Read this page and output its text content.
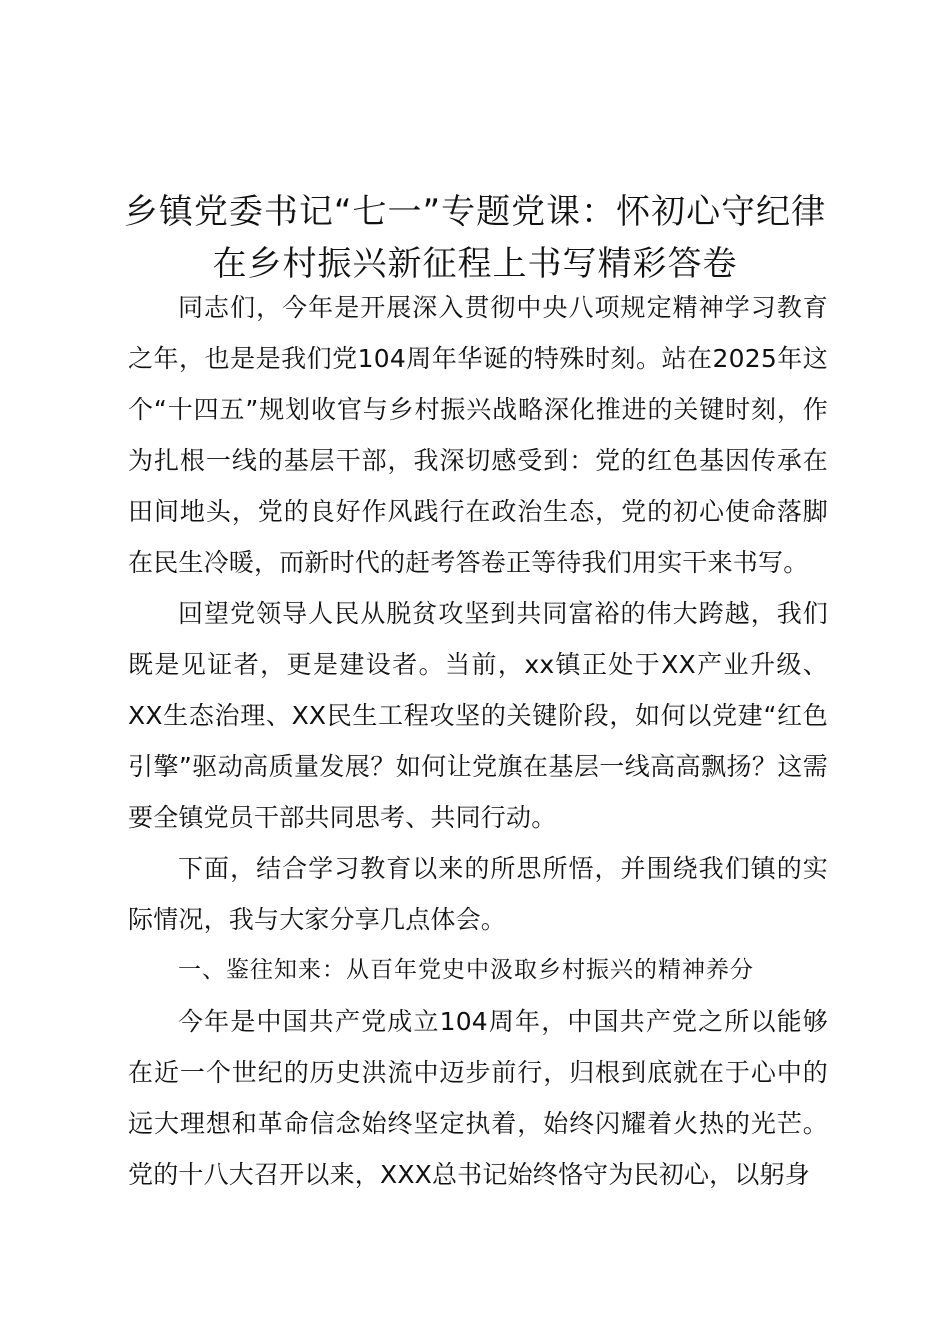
乡镇党委书记“七一”专题党课：怀初心守纪律在乡村振兴新征程上书写精彩答卷

同志们，今年是开展深入贯彻中央八项规定精神学习教育之年，也是是我们党104周年华诞的特殊时刻。站在2025年这个“十四五”规划收官与乡村振兴战略深化推进的关键时刻，作为扎根一线的基层干部，我深切感受到：党的红色基因传承在田间地头，党的良好作风践行在政治生态，党的初心使命落脚在民生冷暖，而新时代的赶考答卷正等待我们用实干来书写。

回望党领导人民从脱贫攻坚到共同富裕的伟大跨越，我们既是见证者，更是建设者。当前，xx镇正处于XX产业升级、XX生态治理、XX民生工程攻坚的关键阶段，如何以党建“红色引擎”驱动高质量发展？如何让党旗在基层一线高高飘扬？这需要全镇党员干部共同思考、共同行动。

下面，结合学习教育以来的所思所悟，并围绕我们镇的实际情况，我与大家分享几点体会。

一、鉴往知来：从百年党史中汲取乡村振兴的精神养分

今年是中国共产党成立104周年，中国共产党之所以能够在近一个世纪的历史洪流中迈步前行，归根到底就在于心中的远大理想和革命信念始终坚定执着，始终闪耀着火热的光芒。党的十八大召开以来，XXX总书记始终恪守为民初心，以躬身
